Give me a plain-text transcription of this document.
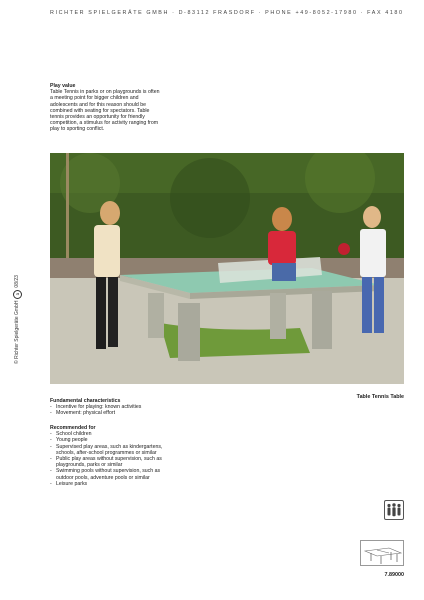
RICHTER SPIELGERÄTE GMBH · D-83112 FRASDORF · PHONE +49-8052-17980 · FAX 4180
© Richter Spielgeräte GmbH
3
08/23
Play value
Table Tennis in parks or on playgrounds is often a meeting point for bigger children and adolescents and for this reason should be combined with seating for spectators. Table tennis provides an opportunity for friendly competition, a stimulus for activity ranging from play to sporting conflict.
Table Tennis Table
Fundamental characteristics
- Incentive for playing: known activities
- Movement: physical effort
Recommended for
- School children
- Young people
- Supervised play areas, such as kindergartens, schools, after-school programmes or similar
- Public play areas without supervision, such as playgrounds, parks or similar
- Swimming pools without supervision, such as outdoor pools, adventure pools or similar
- Leisure parks
7.89000
